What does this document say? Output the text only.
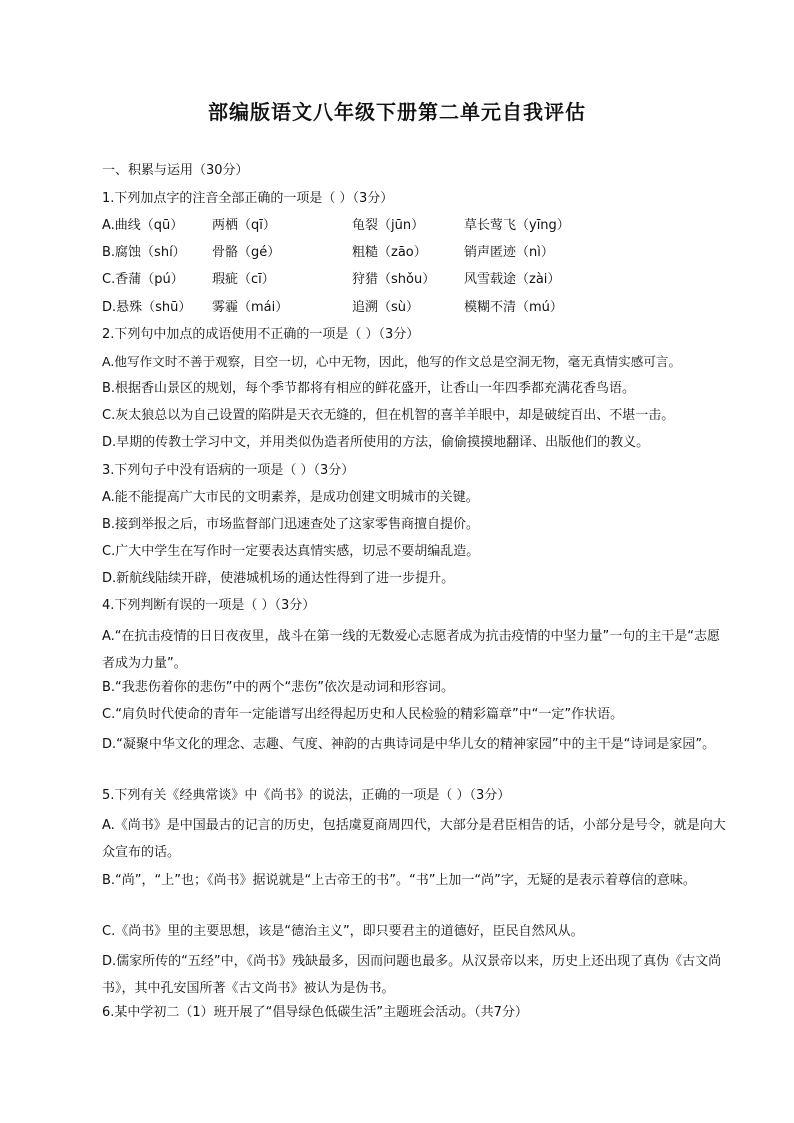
部编版语文八年级下册第二单元自我评估
一、积累与运用（30分）
1.下列加点字的注音全部正确的一项是（ ）（3分）
A.曲线（qū） 两栖（qī）	龟裂（jūn）	草长莺飞（yīng）
B.腐蚀（shí） 骨骼（gé）	粗糙（zāo）	销声匿迹（nì）
C.香蒲（pú） 瑕疵（cī）	狩猎（shǒu） 风雪载途（zài）
D.悬殊（shū） 雾霾（mái）	追溯（sù）	模糊不清（mú）
2.下列句中加点的成语使用不正确的一项是（ ）（3分）
A.他写作文时不善于观察，目空一切，心中无物，因此，他写的作文总是空洞无物，毫无真情实感可言。
B.根据香山景区的规划，每个季节都将有相应的鲜花盛开，让香山一年四季都充满花香鸟语。
C.灰太狼总以为自己设置的陷阱是天衣无缝的，但在机智的喜羊羊眼中，却是破绽百出、不堪一击。
D.早期的传教士学习中文，并用类似伪造者所使用的方法，偷偷摸摸地翻译、出版他们的教义。
3.下列句子中没有语病的一项是（ ）（3分）
A.能不能提高广大市民的文明素养，是成功创建文明城市的关键。
B.接到举报之后，市场监督部门迅速查处了这家零售商擅自提价。
C.广大中学生在写作时一定要表达真情实感，切忌不要胡编乱造。
D.新航线陆续开辟，使港城机场的通达性得到了进一步提升。
4.下列判断有误的一项是（ ）（3分）
A.“在抗击疫情的日日夜夜里，战斗在第一线的无数爱心志愿者成为抗击疫情的中坚力量”一句的主干是“志愿者成为力量”。
B.“我悲伤着你的悲伤”中的两个“悲伤”依次是动词和形容词。
C.“肩负时代使命的青年一定能谱写出经得起历史和人民检验的精彩篇章”中“一定”作状语。
D.“凝聚中华文化的理念、志趣、气度、神韵的古典诗词是中华儿女的精神家园”中的主干是“诗词是家园”。
5.下列有关《经典常谈》中《尚书》的说法，正确的一项是（ ）（3分）
A.《尚书》是中国最古的记言的历史，包括虞夏商周四代，大部分是君臣相告的话，小部分是号令，就是向大众宣布的话。
B.“尚”，“上”也；《尚书》据说就是“上古帝王的书”。“书”上加一“尚”字，无疑的是表示着尊信的意味。
C.《尚书》里的主要思想，该是“德治主义”，即只要君主的道德好，臣民自然风从。
D.儒家所传的“五经”中，《尚书》残缺最多，因而问题也最多。从汉景帝以来，历史上还出现了真伪《古文尚书》，其中孔安国所著《古文尚书》被认为是伪书。
6.某中学初二（1）班开展了“倡导绿色低碳生活”主题班会活动。（共7分）
